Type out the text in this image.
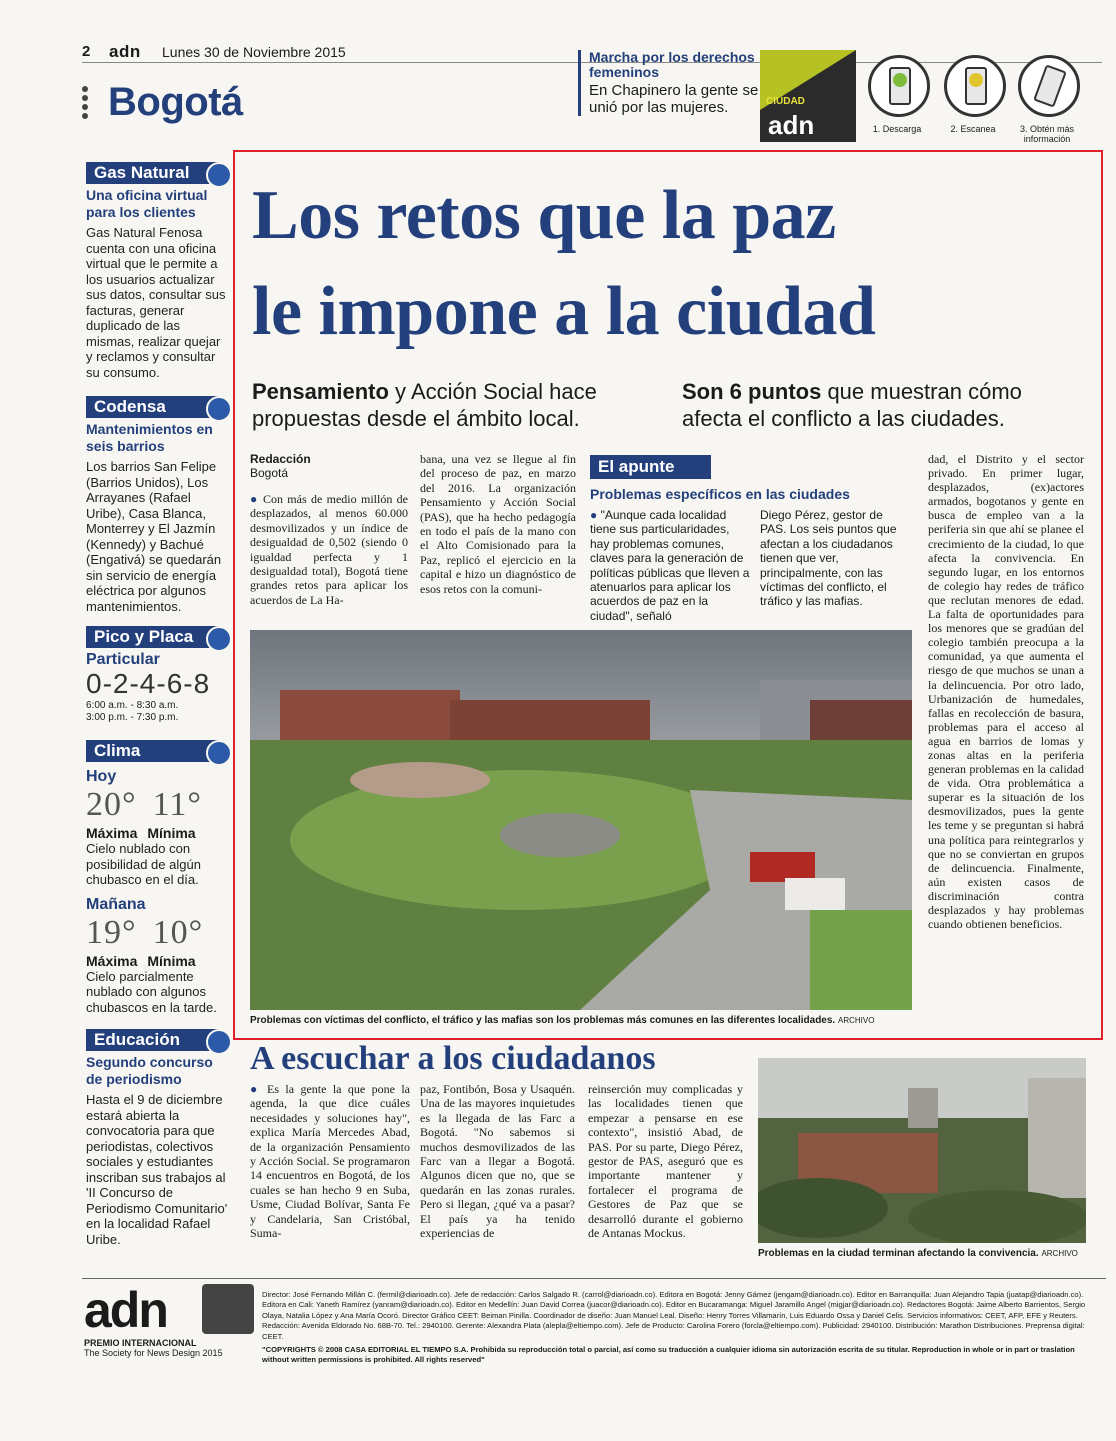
2 adn Lunes 30 de Noviembre 2015
Bogotá
Marcha por los derechos femeninos
En Chapinero la gente se unió por las mujeres.	CIUDAD
adn	1. Descarga	2. Escanea	3. Obtén más información
Gas Natural
Una oficina virtual para los clientes
Gas Natural Fenosa cuenta con una oficina virtual que le permite a los usuarios actualizar sus datos, consultar sus facturas, generar duplicado de las mismas, realizar quejar y reclamos y consultar su consumo.
Codensa
Mantenimientos en seis barrios
Los barrios San Felipe (Barrios Unidos), Los Arrayanes (Rafael Uribe), Casa Blanca, Monterrey y El Jazmín (Kennedy) y Bachué (Engativá) se quedarán sin servicio de energía eléctrica por algunos mantenimientos.
Pico y Placa
Particular
0-2-4-6-8
6:00 a.m. - 8:30 a.m.
3:00 p.m. - 7:30 p.m.
Clima
Hoy
20° 11°
Máxima Mínima
Cielo nublado con posibilidad de algún chubasco en el día.
Mañana
19° 10°
Máxima Mínima
Cielo parcialmente nublado con algunos chubascos en la tarde.
Educación
Segundo concurso de periodismo
Hasta el 9 de diciembre estará abierta la convocatoria para que periodistas, colectivos sociales y estudiantes inscriban sus trabajos al 'II Concurso de Periodismo Comunitario' en la localidad Rafael Uribe.
Los retos que la paz
le impone a la ciudad
Pensamiento y Acción Social hace propuestas desde el ámbito local.
Son 6 puntos que muestran cómo afecta el conflicto a las ciudades.
Redacción
Bogotá
● Con más de medio millón de desplazados, al menos 60.000 desmovilizados y un índice de desigualdad de 0,502 (siendo 0 igualdad perfecta y 1 desigualdad total), Bogotá tiene grandes retos para aplicar los acuerdos de La Ha-
bana, una vez se llegue al fin del proceso de paz, en marzo del 2016. La organización Pensamiento y Acción Social (PAS), que ha hecho pedagogía en todo el país de la mano con el Alto Comisionado para la Paz, replicó el ejercicio en la capital e hizo un diagnóstico de esos retos con la comuni-
El apunte
Problemas específicos en las ciudades
● "Aunque cada localidad tiene sus particularidades, hay problemas comunes, claves para la generación de políticas públicas que lleven a atenuarlos para aplicar los acuerdos de paz en la ciudad", señaló
Diego Pérez, gestor de PAS. Los seis puntos que afectan a los ciudadanos tienen que ver, principalmente, con las víctimas del conflicto, el tráfico y las mafias.
dad, el Distrito y el sector privado. En primer lugar, desplazados, (ex)actores armados, bogotanos y gente en busca de empleo van a la periferia sin que ahí se planee el crecimiento de la ciudad, lo que afecta la convivencia. En segundo lugar, en los entornos de colegio hay redes de tráfico que reclutan menores de edad. La falta de oportunidades para los menores que se gradúan del colegio también preocupa a la comunidad, ya que aumenta el riesgo de que muchos se unan a la delincuencia. Por otro lado, Urbanización de humedales, fallas en recolección de basura, problemas para el acceso al agua en barrios de lomas y zonas altas en la periferia generan problemas en la calidad de vida. Otra problemática a superar es la situación de los desmovilizados, pues la gente les teme y se preguntan si habrá una política para reintegrarlos y que no se conviertan en grupos de delincuencia. Finalmente, aún existen casos de discriminación contra desplazados y hay problemas cuando obtienen beneficios.
Problemas con víctimas del conflicto, el tráfico y las mafias son los problemas más comunes en las diferentes localidades. ARCHIVO
A escuchar a los ciudadanos
● Es la gente la que pone la agenda, la que dice cuáles necesidades y soluciones hay", explica María Mercedes Abad, de la organización Pensamiento y Acción Social. Se programaron 14 encuentros en Bogotá, de los cuales se han hecho 9 en Suba, Usme, Ciudad Bolívar, Santa Fe y Candelaria, San Cristóbal, Suma-
paz, Fontibón, Bosa y Usaquén. Una de las mayores inquietudes es la llegada de las Farc a Bogotá. "No sabemos si muchos desmovilizados de las Farc van a llegar a Bogotá. Algunos dicen que no, que se quedarán en las zonas rurales. Pero si llegan, ¿qué va a pasar? El país ya ha tenido experiencias de
reinserción muy complicadas y las localidades tienen que empezar a pensarse en ese contexto", insistió Abad, de PAS. Por su parte, Diego Pérez, gestor de PAS, aseguró que es importante mantener y fortalecer el programa de Gestores de Paz que se desarrolló durante el gobierno de Antanas Mockus.
Problemas en la ciudad terminan afectando la convivencia. ARCHIVO
adn
PREMIO INTERNACIONAL
The Society for News Design 2015
Director: José Fernando Millán C. (fermil@diarioadn.co). Jefe de redacción: Carlos Salgado R. (carrol@diarioadn.co). Editora en Bogotá: Jenny Gámez (jengam@diarioadn.co). Editor en Barranquilla: Juan Alejandro Tapia (juatap@diarioadn.co). Editora en Cali: Yaneth Ramírez (yanram@diarioadn.co). Editor en Medellín: Juan David Correa (juacor@diarioadn.co). Editor en Bucaramanga: Miguel Jaramillo Angel (migjar@diarioadn.co). Redactores Bogotá: Jaime Alberto Barrientos, Sergio Olaya, Natalia López y Ana María Ocoró. Director Gráfico CEET: Beiman Pinilla. Coordinador de diseño: Juan Manuel Leal. Diseño: Henry Torres Villamarín, Luis Eduardo Ossa y Daniel Celis. Servicios informativos: CEET, AFP, EFE y Reuters. Redacción: Avenida Eldorado No. 68B-70. Tel.: 2940100. Gerente: Alexandra Plata (alepla@eltiempo.com). Jefe de Producto: Carolina Forero (forcla@eltiempo.com). Publicidad: 2940100. Distribución: Marathon Distribuciones. Preprensa digital: CEET.
"COPYRIGHTS © 2008 CASA EDITORIAL EL TIEMPO S.A. Prohibida su reproducción total o parcial, así como su traducción a cualquier idioma sin autorización escrita de su titular. Reproduction in whole or in part or traslation without written permissions is prohibited. All rights reserved"
